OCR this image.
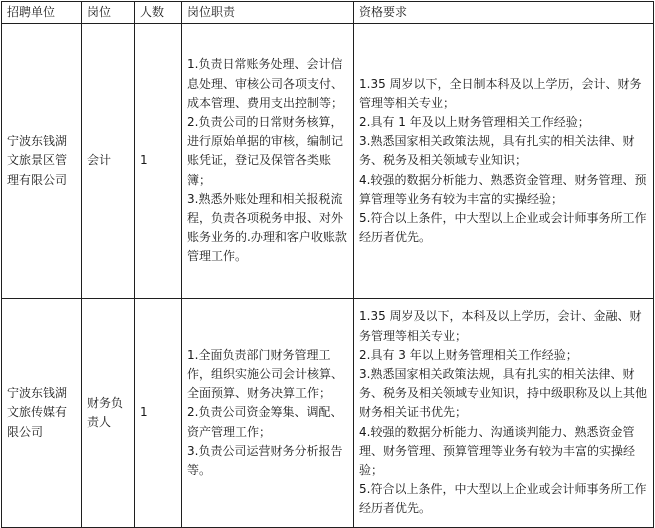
招聘单位	岗位	人数	岗位职责	资格要求
宁波东钱湖文旅景区管理有限公司	会计	1	1.负责日常账务处理、会计信息处理、审核公司各项支付、成本管理、费用支出控制等；
2.负责公司的日常财务核算，进行原始单据的审核，编制记账凭证，登记及保管各类账簿；
3.熟悉外账处理和相关报税流程，负责各项税务申报、对外账务业务的.办理和客户收账款管理工作。	1.35 周岁以下，全日制本科及以上学历，会计、财务管理等相关专业；
2.具有 1 年及以上财务管理相关工作经验；
3.熟悉国家相关政策法规，具有扎实的相关法律、财务、税务及相关领域专业知识；
4.较强的数据分析能力、熟悉资金管理、财务管理、预算管理等业务有较为丰富的实操经验；
5.符合以上条件，中大型以上企业或会计师事务所工作经历者优先。

宁波东钱湖文旅传媒有限公司	财务负责人	1	1.全面负责部门财务管理工作，组织实施公司会计核算、全面预算、财务决算工作；
2.负责公司资金筹集、调配、资产管理工作；
3.负责公司运营财务分析报告等。	1.35 周岁及以下，本科及以上学历，会计、金融、财务管理等相关专业；
2.具有 3 年以上财务管理相关工作经验；
3.熟悉国家相关政策法规，具有扎实的相关法律、财务、税务及相关领域专业知识，持中级职称及以上其他财务相关证书优先；
4.较强的数据分析能力、沟通谈判能力、熟悉资金管理、财务管理、预算管理等业务有较为丰富的实操经验；
5.符合以上条件，中大型以上企业或会计师事务所工作经历者优先。
